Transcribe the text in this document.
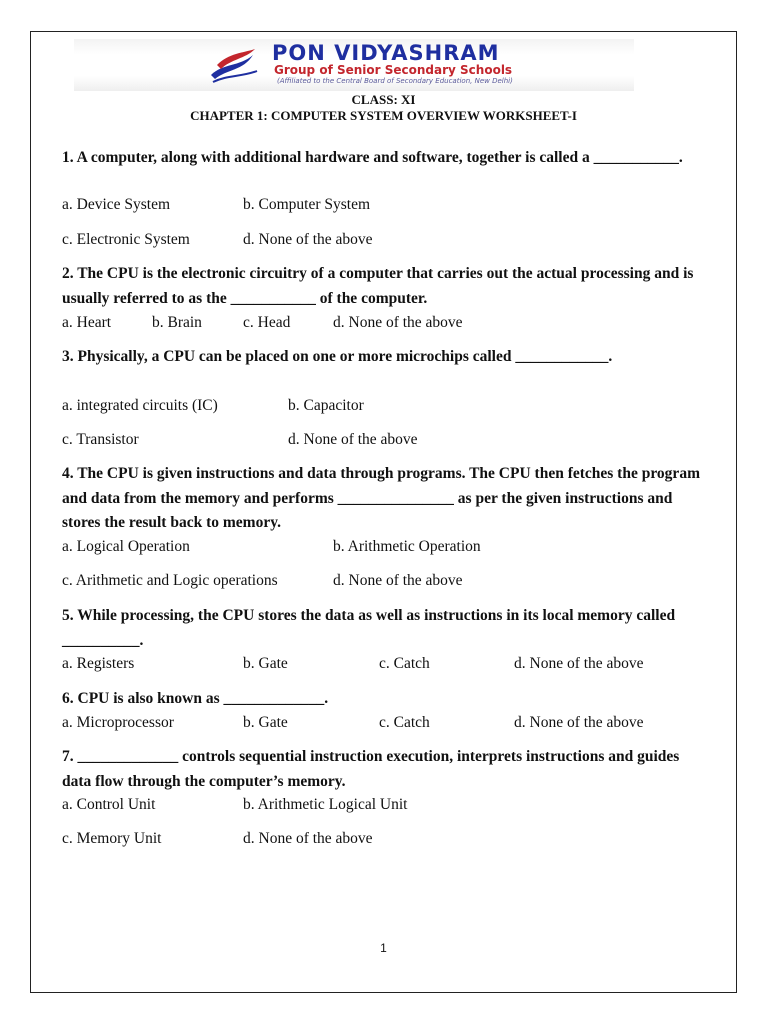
PON VIDYASHRAM
Group of Senior Secondary Schools
(Affiliated to the Central Board of Secondary Education, New Delhi)
CLASS: XI
CHAPTER 1: COMPUTER SYSTEM OVERVIEW WORKSHEET-I

1. A computer, along with additional hardware and software, together is called a ___________.

a. Device System	b. Computer System
c. Electronic System	d. None of the above

2. The CPU is the electronic circuitry of a computer that carries out the actual processing and is usually referred to as the ___________ of the computer.

a. Heart	b. Brain	c. Head	d. None of the above

3. Physically, a CPU can be placed on one or more microchips called ____________.

a. integrated circuits (IC)	b. Capacitor
c. Transistor	d. None of the above

4. The CPU is given instructions and data through programs. The CPU then fetches the program and data from the memory and performs _______________ as per the given instructions and stores the result back to memory.

a. Logical Operation	b. Arithmetic Operation
c. Arithmetic and Logic operations	d. None of the above

5. While processing, the CPU stores the data as well as instructions in its local memory called __________.

a. Registers	b. Gate	c. Catch	d. None of the above

6. CPU is also known as _____________.

a. Microprocessor	b. Gate	c. Catch	d. None of the above

7. _____________ controls sequential instruction execution, interprets instructions and guides data flow through the computer’s memory.

a. Control Unit	b. Arithmetic Logical Unit
c. Memory Unit	d. None of the above
1
